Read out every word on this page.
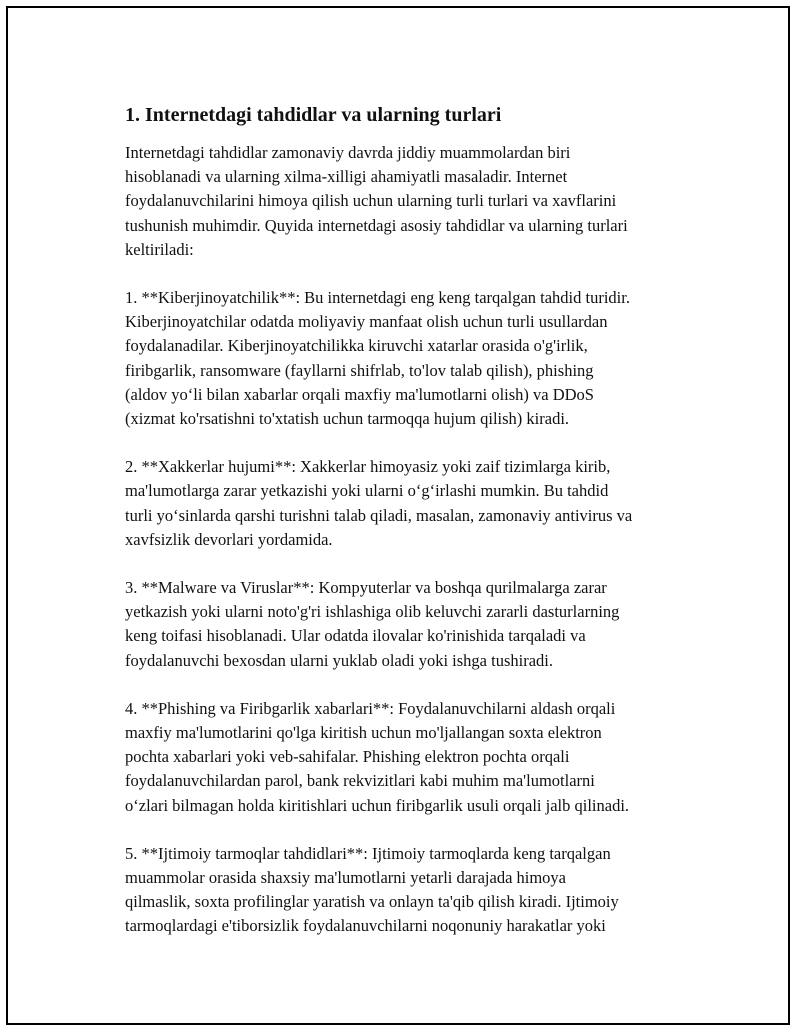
1. Internetdagi tahdidlar va ularning turlari

Internetdagi tahdidlar zamonaviy davrda jiddiy muammolardan biri
hisoblanadi va ularning xilma-xilligi ahamiyatli masaladir. Internet
foydalanuvchilarini himoya qilish uchun ularning turli turlari va xavflarini
tushunish muhimdir. Quyida internetdagi asosiy tahdidlar va ularning turlari
keltiriladi:

1. **Kiberjinoyatchilik**: Bu internetdagi eng keng tarqalgan tahdid turidir.
Kiberjinoyatchilar odatda moliyaviy manfaat olish uchun turli usullardan
foydalanadilar. Kiberjinoyatchilikka kiruvchi xatarlar orasida o'g'irlik,
firibgarlik, ransomware (fayllarni shifrlab, to'lov talab qilish), phishing
(aldov yo‘li bilan xabarlar orqali maxfiy ma'lumotlarni olish) va DDoS
(xizmat ko'rsatishni to'xtatish uchun tarmoqqa hujum qilish) kiradi.

2. **Xakkerlar hujumi**: Xakkerlar himoyasiz yoki zaif tizimlarga kirib,
ma'lumotlarga zarar yetkazishi yoki ularni o‘g‘irlashi mumkin. Bu tahdid
turli yo‘sinlarda qarshi turishni talab qiladi, masalan, zamonaviy antivirus va
xavfsizlik devorlari yordamida.

3. **Malware va Viruslar**: Kompyuterlar va boshqa qurilmalarga zarar
yetkazish yoki ularni noto'g'ri ishlashiga olib keluvchi zararli dasturlarning
keng toifasi hisoblanadi. Ular odatda ilovalar ko'rinishida tarqaladi va
foydalanuvchi bexosdan ularni yuklab oladi yoki ishga tushiradi.

4. **Phishing va Firibgarlik xabarlari**: Foydalanuvchilarni aldash orqali
maxfiy ma'lumotlarini qo'lga kiritish uchun mo'ljallangan soxta elektron
pochta xabarlari yoki veb-sahifalar. Phishing elektron pochta orqali
foydalanuvchilardan parol, bank rekvizitlari kabi muhim ma'lumotlarni
o‘zlari bilmagan holda kiritishlari uchun firibgarlik usuli orqali jalb qilinadi.

5. **Ijtimoiy tarmoqlar tahdidlari**: Ijtimoiy tarmoqlarda keng tarqalgan
muammolar orasida shaxsiy ma'lumotlarni yetarli darajada himoya
qilmaslik, soxta profilinglar yaratish va onlayn ta'qib qilish kiradi. Ijtimoiy
tarmoqlardagi e'tiborsizlik foydalanuvchilarni noqonuniy harakatlar yoki
